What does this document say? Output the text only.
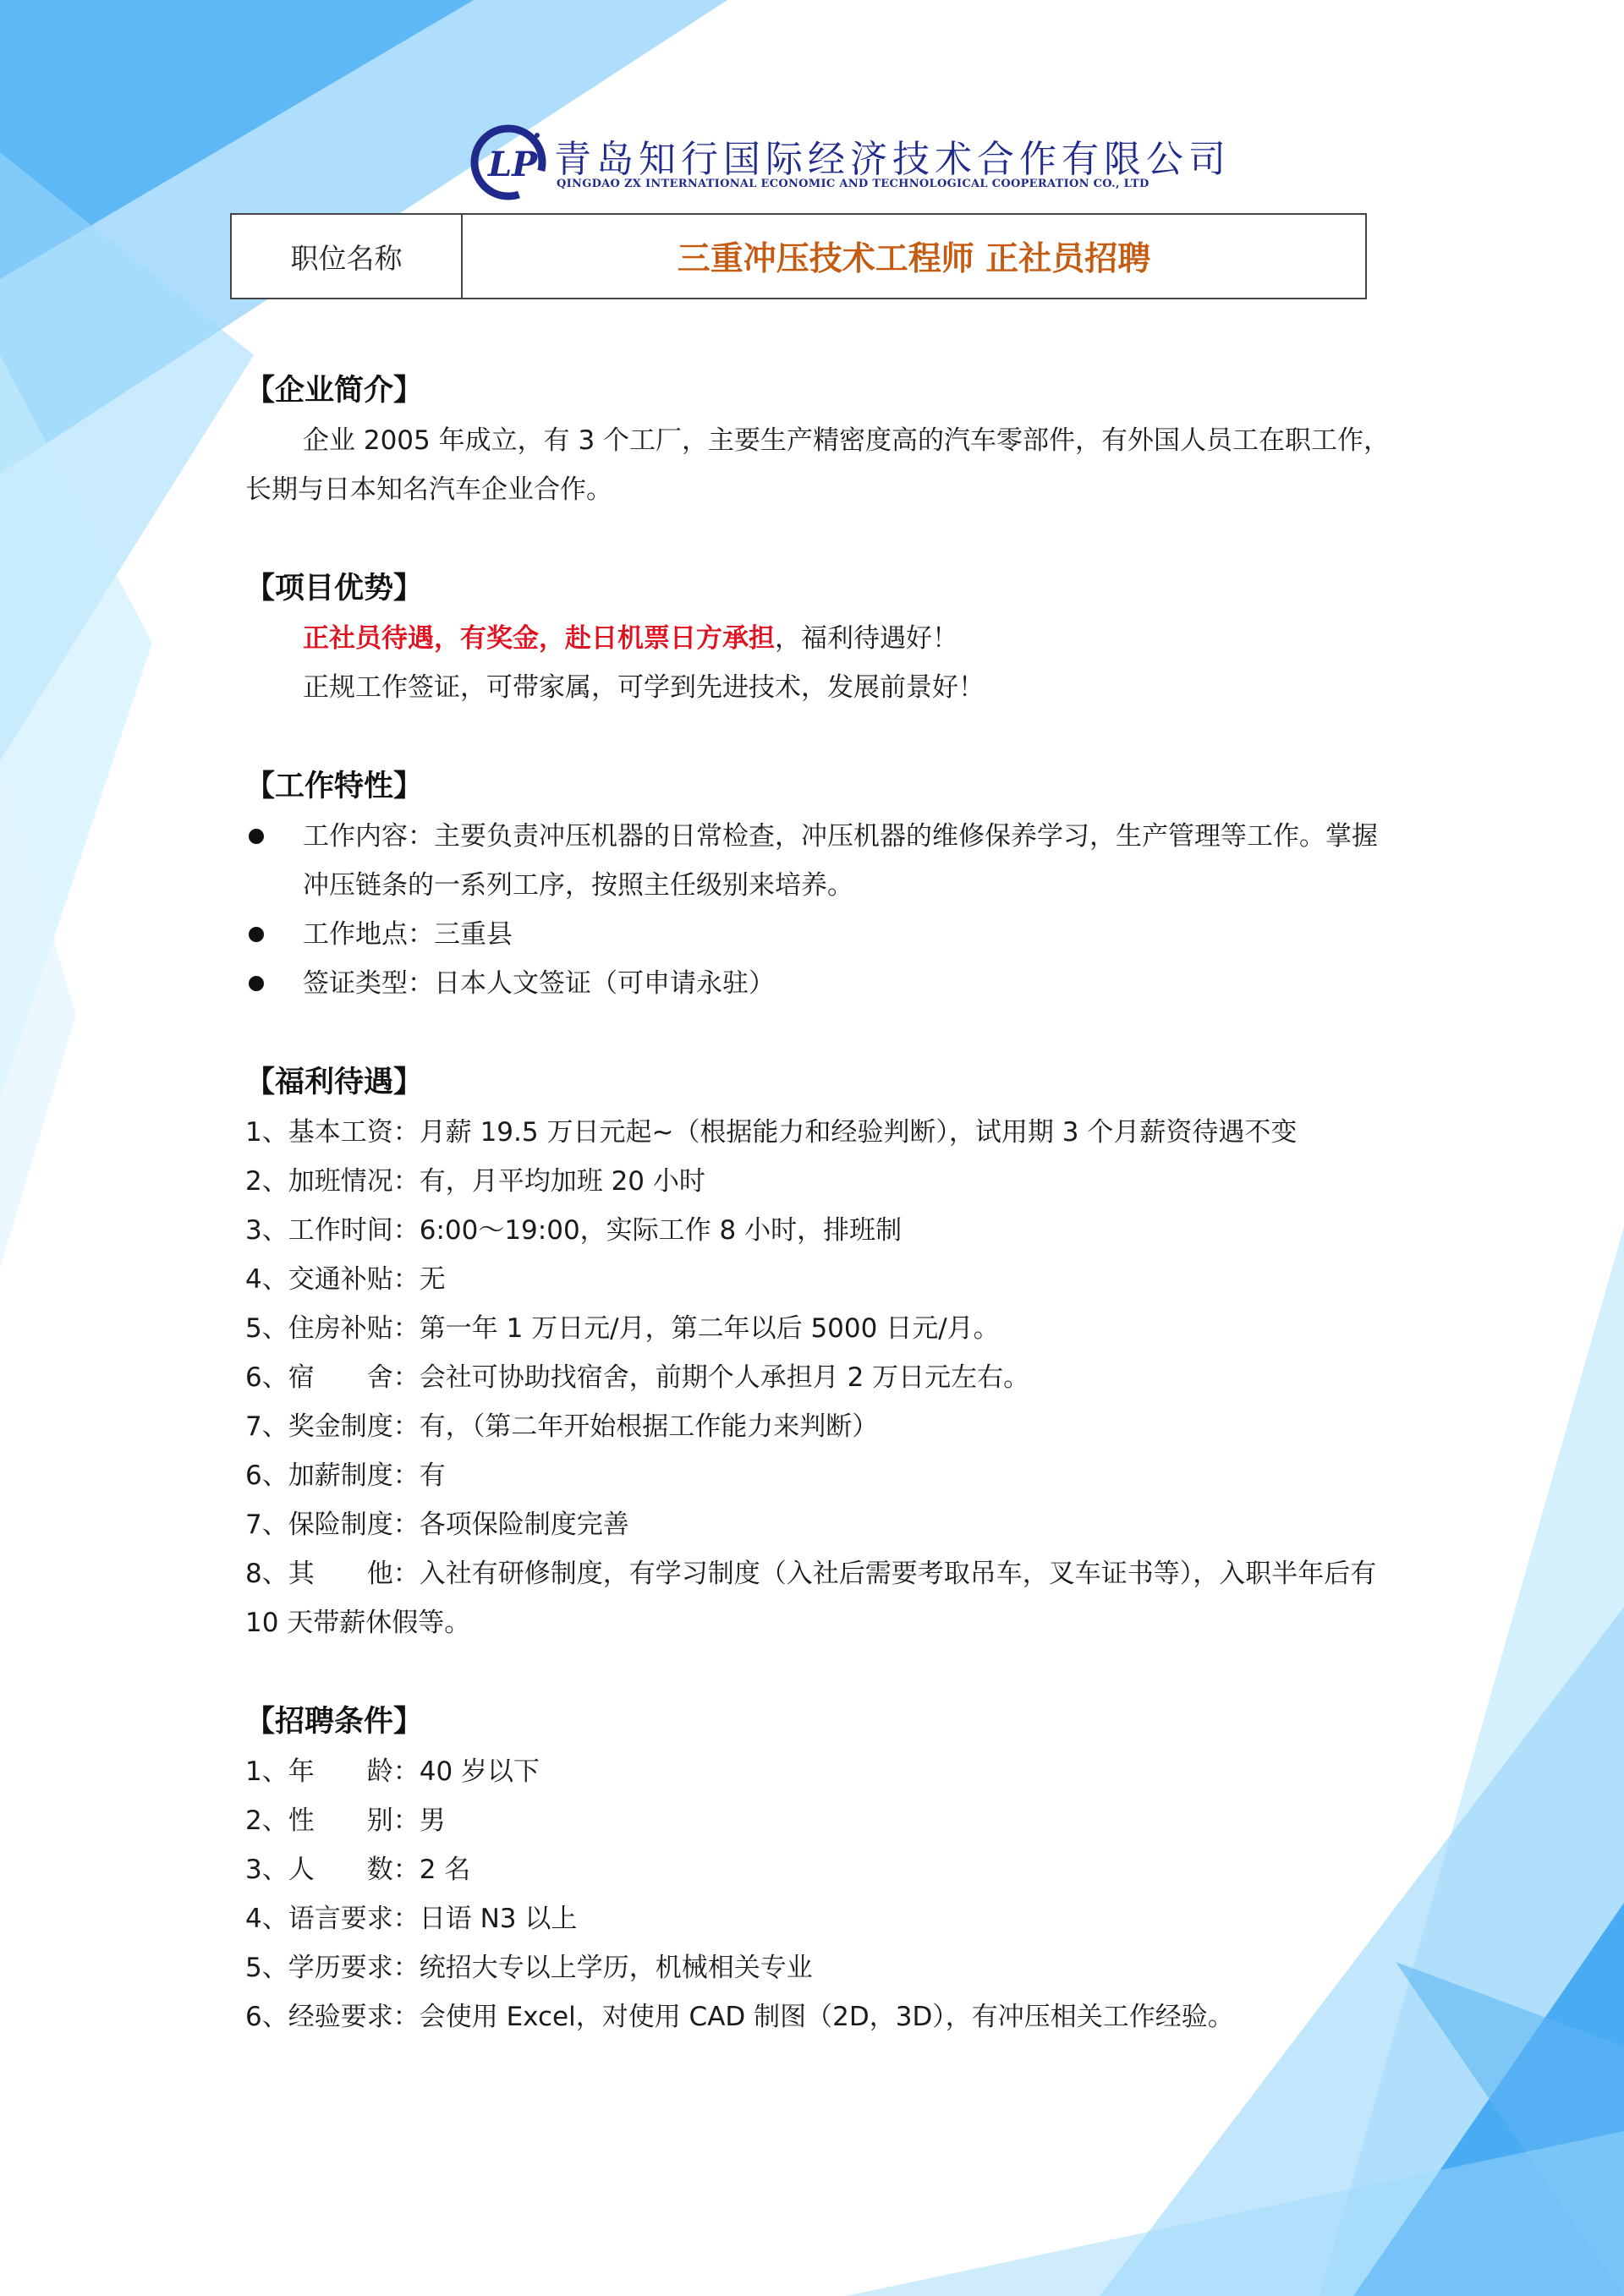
LP 青岛知行国际经济技术合作有限公司
QINGDAO ZX INTERNATIONAL ECONOMIC AND TECHNOLOGICAL COOPERATION CO., LTD
职位名称	三重冲压技术工程师 正社员招聘
【企业简介】

企业 2005 年成立，有 3 个工厂，主要生产精密度高的汽车零部件，有外国人员工在职工作，长期与日本知名汽车企业合作。

【项目优势】

正社员待遇，有奖金，赴日机票日方承担，福利待遇好！

正规工作签证，可带家属，可学到先进技术，发展前景好！

【工作特性】
工作内容：主要负责冲压机器的日常检查，冲压机器的维修保养学习，生产管理等工作。掌握冲压链条的一系列工序，按照主任级别来培养。
工作地点：三重县
签证类型：日本人文签证（可申请永驻）
【福利待遇】
1、基本工资：月薪 19.5 万日元起~（根据能力和经验判断），试用期 3 个月薪资待遇不变
2、加班情况：有，月平均加班 20 小时
3、工作时间：6:00～19:00，实际工作 8 小时，排班制
4、交通补贴：无
5、住房补贴：第一年 1 万日元/月，第二年以后 5000 日元/月。
6、宿　　舍：会社可协助找宿舍，前期个人承担月 2 万日元左右。
7、奖金制度：有，（第二年开始根据工作能力来判断）
6、加薪制度：有
7、保险制度：各项保险制度完善
8、其　　他：入社有研修制度，有学习制度（入社后需要考取吊车，叉车证书等），入职半年后有 10 天带薪休假等。
【招聘条件】
1、年　　龄：40 岁以下
2、性　　别：男
3、人　　数：2 名
4、语言要求：日语 N3 以上
5、学历要求：统招大专以上学历，机械相关专业
6、经验要求：会使用 Excel，对使用 CAD 制图（2D，3D），有冲压相关工作经验。
